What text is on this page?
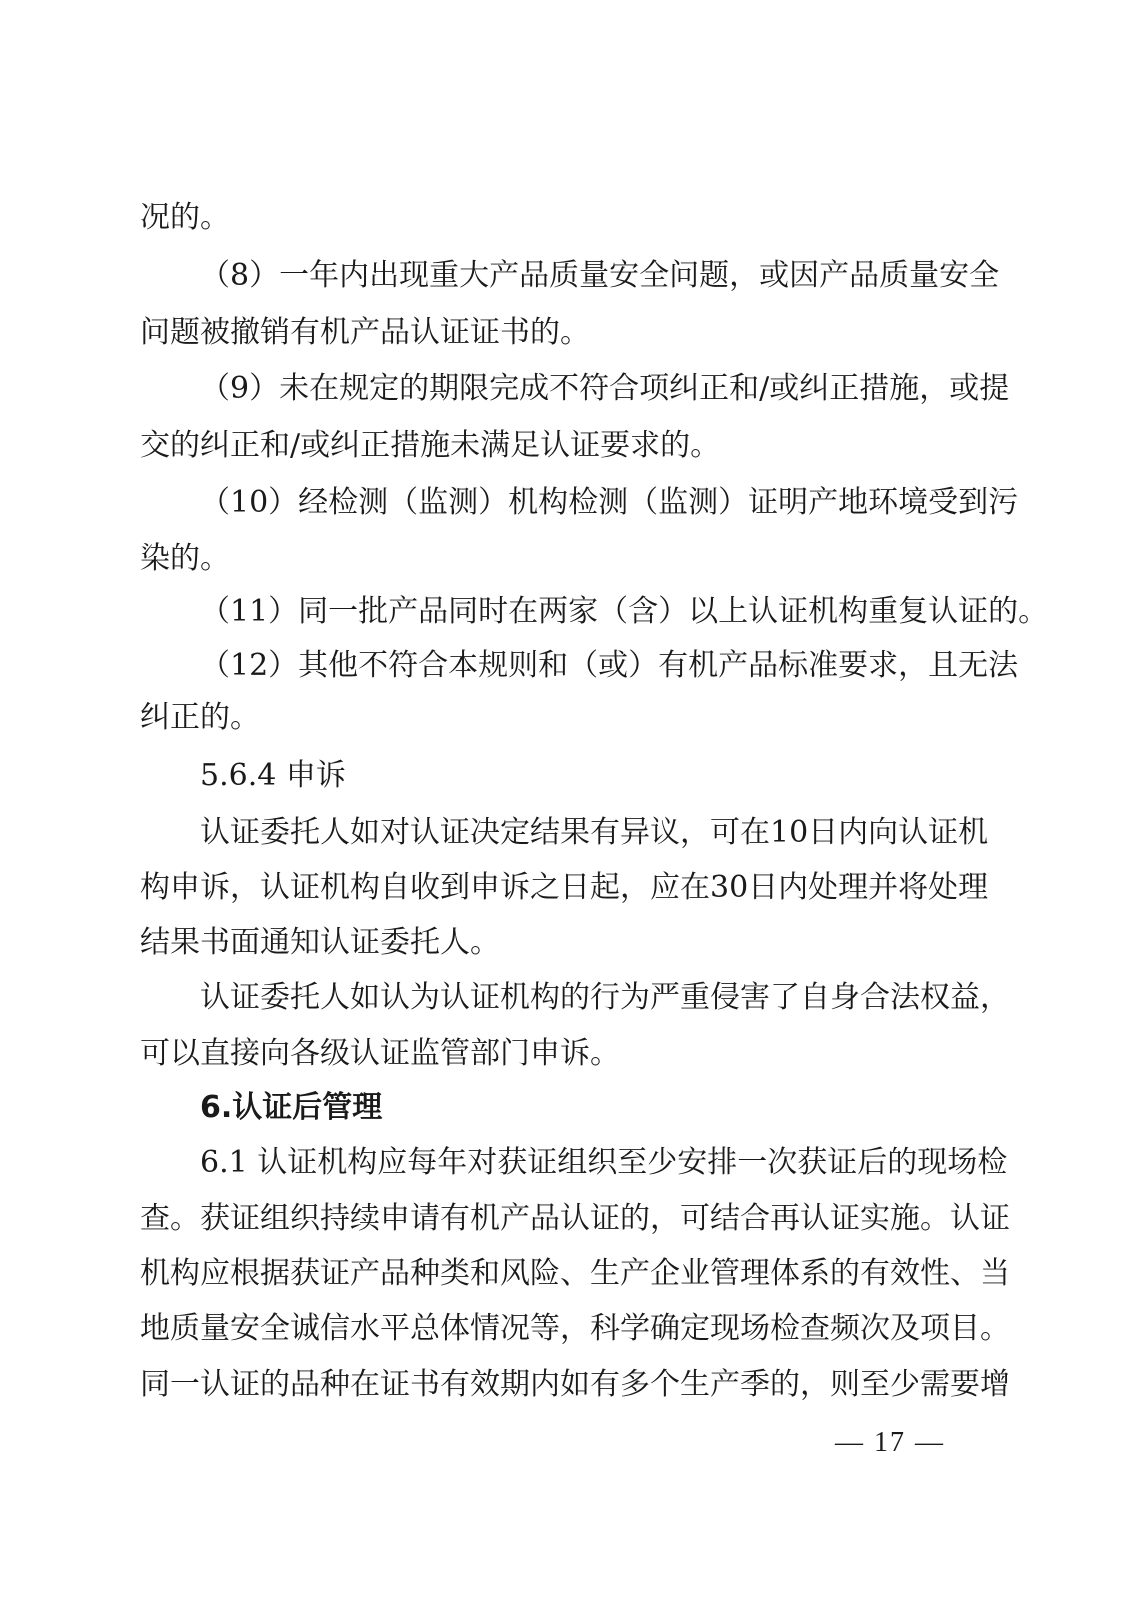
况的。
（8）一年内出现重大产品质量安全问题，或因产品质量安全
问题被撤销有机产品认证证书的。
（9）未在规定的期限完成不符合项纠正和/或纠正措施，或提
交的纠正和/或纠正措施未满足认证要求的。
（10）经检测（监测）机构检测（监测）证明产地环境受到污
染的。
（11）同一批产品同时在两家（含）以上认证机构重复认证的。
（12）其他不符合本规则和（或）有机产品标准要求，且无法
纠正的。
5.6.4 申诉
认证委托人如对认证决定结果有异议，可在10日内向认证机
构申诉，认证机构自收到申诉之日起，应在30日内处理并将处理
结果书面通知认证委托人。
认证委托人如认为认证机构的行为严重侵害了自身合法权益，
可以直接向各级认证监管部门申诉。
6.认证后管理
6.1 认证机构应每年对获证组织至少安排一次获证后的现场检
查。获证组织持续申请有机产品认证的，可结合再认证实施。认证
机构应根据获证产品种类和风险、生产企业管理体系的有效性、当
地质量安全诚信水平总体情况等，科学确定现场检查频次及项目。
同一认证的品种在证书有效期内如有多个生产季的，则至少需要增
— 17 —
